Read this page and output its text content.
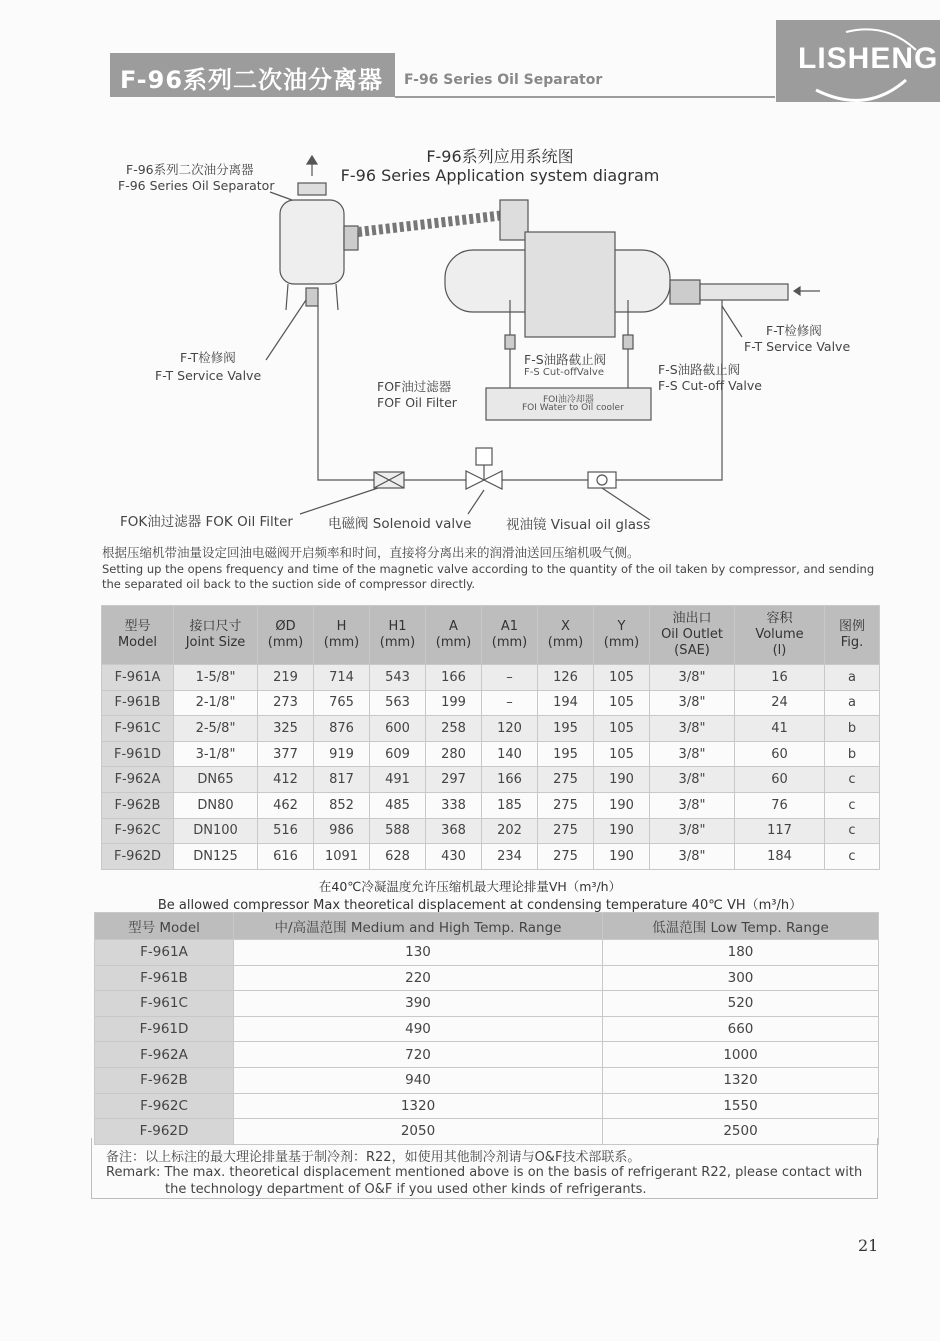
F-96系列二次油分离器 F-96 Series Oil Separator
LISHENG
F-96系列应用系统图
F-96 Series Application system diagram
F-96系列二次油分离器
F-96 Series Oil Separator
F-T检修阀
F-T Service Valve
F-T检修阀
F-T Service Valve
F-S油路截止阀
F-S Cut-offValve	F-S油路截止阀
F-S Cut-off Valve
FOF油过滤器
FOF Oil Filter	FOI油冷却器
FOI Water to Oil cooler
FOK油过滤器 FOK Oil Filter	电磁阀 Solenoid valve	视油镜 Visual oil glass
根据压缩机带油量设定回油电磁阀开启频率和时间，直接将分离出来的润滑油送回压缩机吸气侧。
Setting up the opens frequency and time of the magnetic valve according to the quantity of the oil taken by compressor, and sending
the separated oil back to the suction side of compressor directly.
型号
Model	接口尺寸
Joint Size	ØD
(mm)	H
(mm)	H1
(mm)	A
(mm)	A1
(mm)	X
(mm)	Y
(mm)	油出口
Oil Outlet
(SAE)	容积
Volume
(l)	图例
Fig.
F-961A	1-5/8"	219	714	543	166	–	126	105	3/8"	16	a
F-961B	2-1/8"	273	765	563	199	–	194	105	3/8"	24	a
F-961C	2-5/8"	325	876	600	258	120	195	105	3/8"	41	b
F-961D	3-1/8"	377	919	609	280	140	195	105	3/8"	60	b
F-962A	DN65	412	817	491	297	166	275	190	3/8"	60	c
F-962B	DN80	462	852	485	338	185	275	190	3/8"	76	c
F-962C	DN100	516	986	588	368	202	275	190	3/8"	117	c
F-962D	DN125	616	1091	628	430	234	275	190	3/8"	184	c
在40℃冷凝温度允许压缩机最大理论排量VH（m³/h）
Be allowed compressor Max theoretical displacement at condensing temperature 40℃ VH（m³/h）
型号 Model	中/高温范围 Medium and High Temp. Range	低温范围 Low Temp. Range
F-961A	130	180
F-961B	220	300
F-961C	390	520
F-961D	490	660
F-962A	720	1000
F-962B	940	1320
F-962C	1320	1550
F-962D	2050	2500
备注：以上标注的最大理论排量基于制冷剂：R22，如使用其他制冷剂请与O&F技术部联系。
Remark: The max. theoretical displacement mentioned above is on the basis of refrigerant R22, please contact with
the technology department of O&F if you used other kinds of refrigerants.
21
